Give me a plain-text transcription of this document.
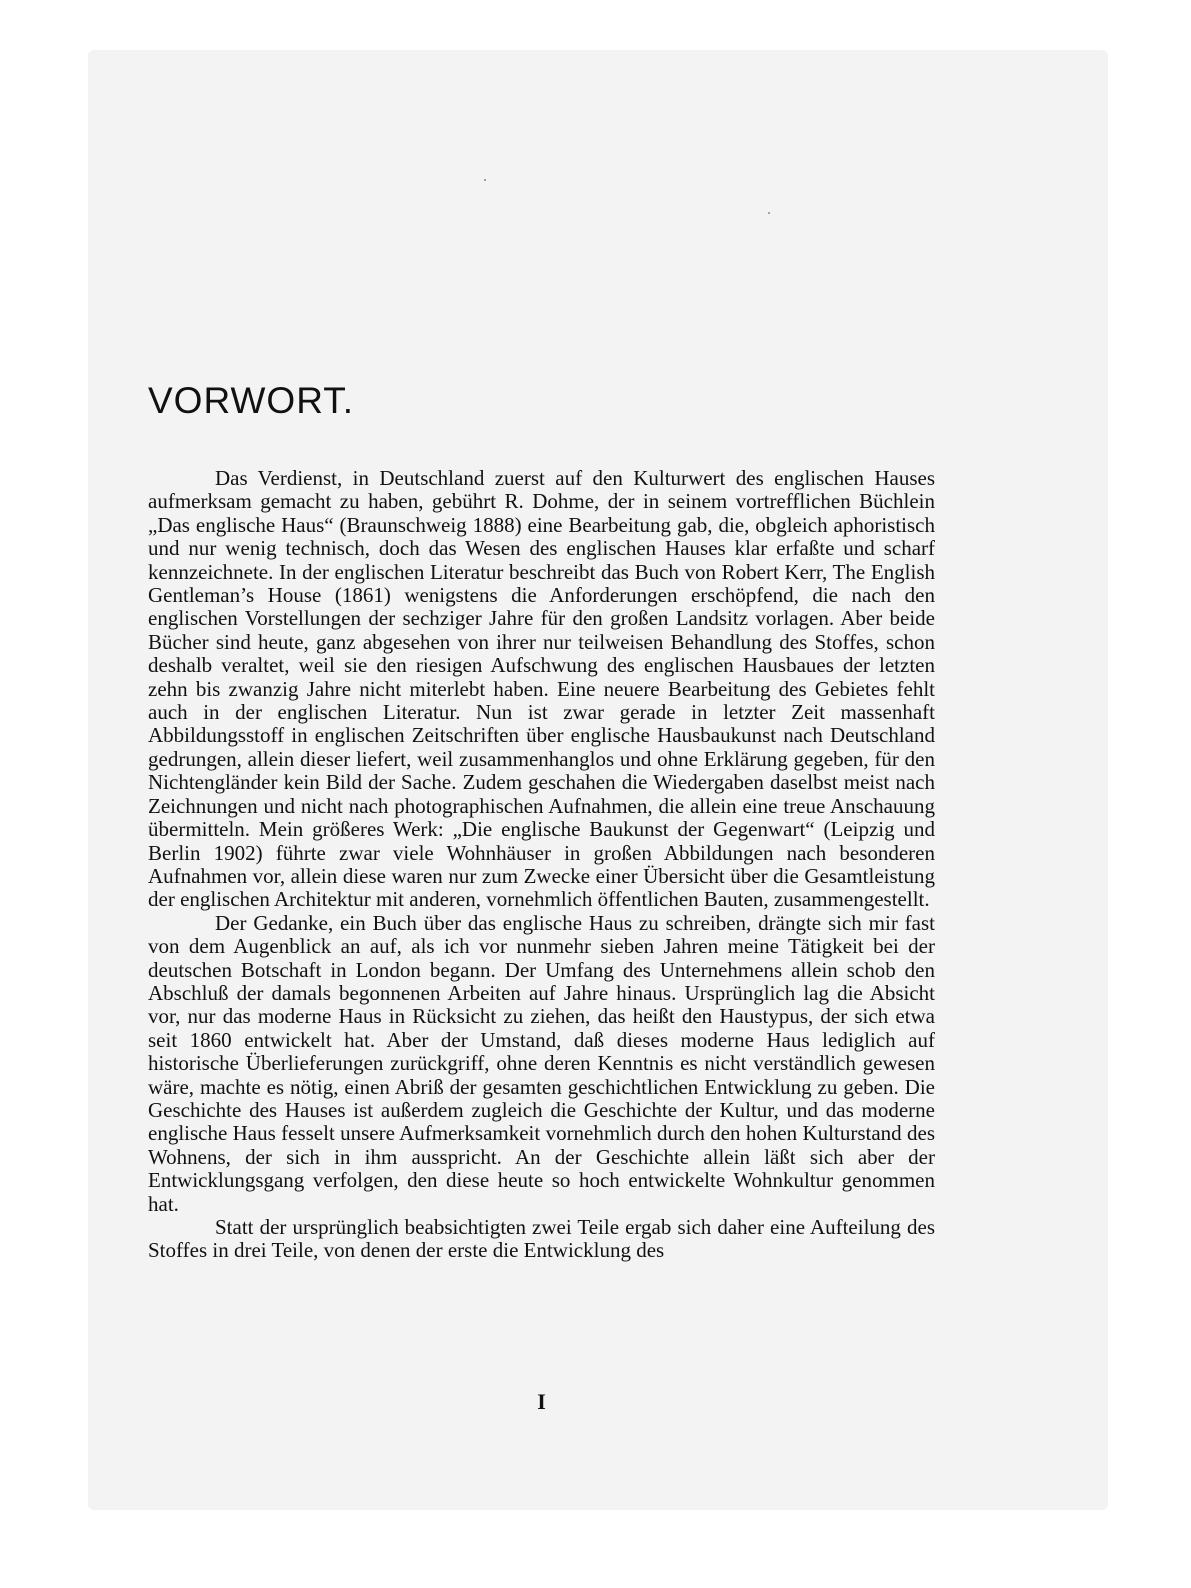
VORWORT.

Das Verdienst, in Deutschland zuerst auf den Kulturwert des englischen Hauses aufmerksam gemacht zu haben, gebührt R. Dohme, der in seinem vortrefflichen Büchlein „Das englische Haus“ (Braunschweig 1888) eine Bearbeitung gab, die, obgleich aphoristisch und nur wenig technisch, doch das Wesen des englischen Hauses klar erfaßte und scharf kennzeichnete. In der englischen Literatur beschreibt das Buch von Robert Kerr, The English Gentleman’s House (1861) wenigstens die Anforderungen erschöpfend, die nach den englischen Vorstellungen der sechziger Jahre für den großen Landsitz vorlagen. Aber beide Bücher sind heute, ganz abgesehen von ihrer nur teilweisen Behandlung des Stoffes, schon deshalb veraltet, weil sie den riesigen Aufschwung des englischen Hausbaues der letzten zehn bis zwanzig Jahre nicht miterlebt haben. Eine neuere Bearbeitung des Gebietes fehlt auch in der englischen Literatur. Nun ist zwar gerade in letzter Zeit massenhaft Abbildungsstoff in englischen Zeitschriften über englische Hausbaukunst nach Deutschland gedrungen, allein dieser liefert, weil zusammenhanglos und ohne Erklärung gegeben, für den Nichtengländer kein Bild der Sache. Zudem geschahen die Wiedergaben daselbst meist nach Zeichnungen und nicht nach photographischen Aufnahmen, die allein eine treue Anschauung übermitteln. Mein größeres Werk: „Die englische Baukunst der Gegenwart“ (Leipzig und Berlin 1902) führte zwar viele Wohnhäuser in großen Abbildungen nach besonderen Aufnahmen vor, allein diese waren nur zum Zwecke einer Übersicht über die Gesamtleistung der englischen Architektur mit anderen, vornehmlich öffentlichen Bauten, zusammengestellt.

Der Gedanke, ein Buch über das englische Haus zu schreiben, drängte sich mir fast von dem Augenblick an auf, als ich vor nunmehr sieben Jahren meine Tätigkeit bei der deutschen Botschaft in London begann. Der Umfang des Unternehmens allein schob den Abschluß der damals begonnenen Arbeiten auf Jahre hinaus. Ursprünglich lag die Absicht vor, nur das moderne Haus in Rücksicht zu ziehen, das heißt den Haustypus, der sich etwa seit 1860 entwickelt hat. Aber der Umstand, daß dieses moderne Haus lediglich auf historische Überlieferungen zurückgriff, ohne deren Kenntnis es nicht verständlich gewesen wäre, machte es nötig, einen Abriß der gesamten geschichtlichen Entwicklung zu geben. Die Geschichte des Hauses ist außerdem zugleich die Geschichte der Kultur, und das moderne englische Haus fesselt unsere Aufmerksamkeit vornehmlich durch den hohen Kulturstand des Wohnens, der sich in ihm ausspricht. An der Geschichte allein läßt sich aber der Entwicklungsgang verfolgen, den diese heute so hoch entwickelte Wohnkultur genommen hat.

Statt der ursprünglich beabsichtigten zwei Teile ergab sich daher eine Aufteilung des Stoffes in drei Teile, von denen der erste die Entwicklung des

I
